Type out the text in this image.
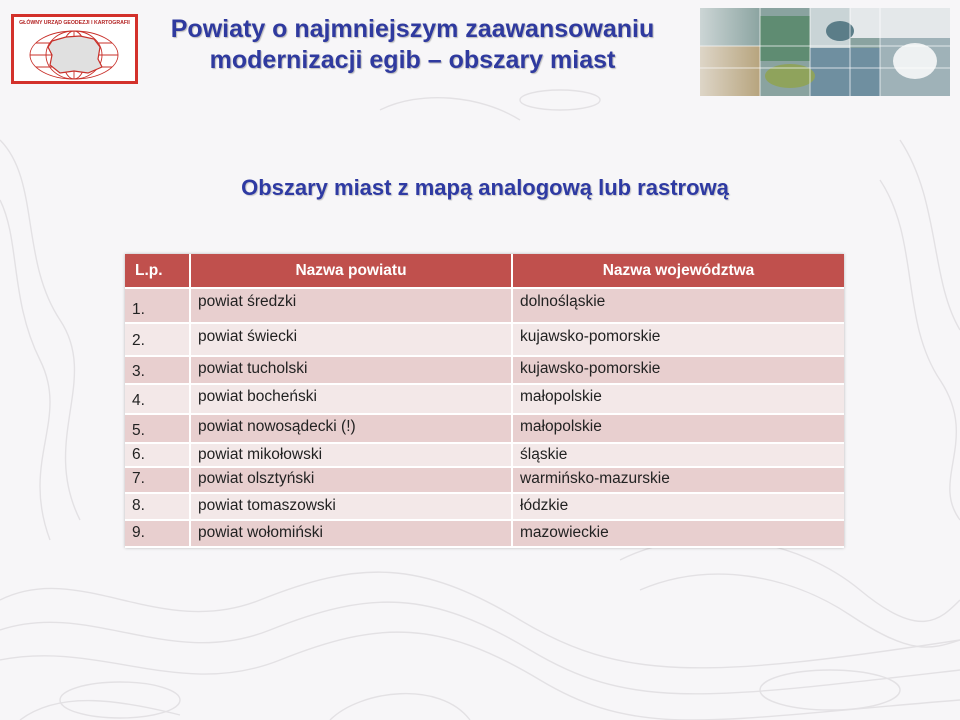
GŁÓWNY URZĄD GEODEZJI I KARTOGRAFII	Powiaty o najmniejszym zaawansowaniu
modernizacji egib – obszary miast
Obszary miast z mapą analogową lub rastrową
L.p.	Nazwa powiatu	Nazwa województwa
1.	powiat średzki	dolnośląskie
2.	powiat świecki	kujawsko-pomorskie
3.	powiat tucholski	kujawsko-pomorskie
4.	powiat bocheński	małopolskie
5.	powiat nowosądecki (!)	małopolskie
6.	powiat mikołowski	śląskie
7.	powiat olsztyński	warmińsko-mazurskie
8.	powiat tomaszowski	łódzkie
9.	powiat wołomiński	mazowieckie
